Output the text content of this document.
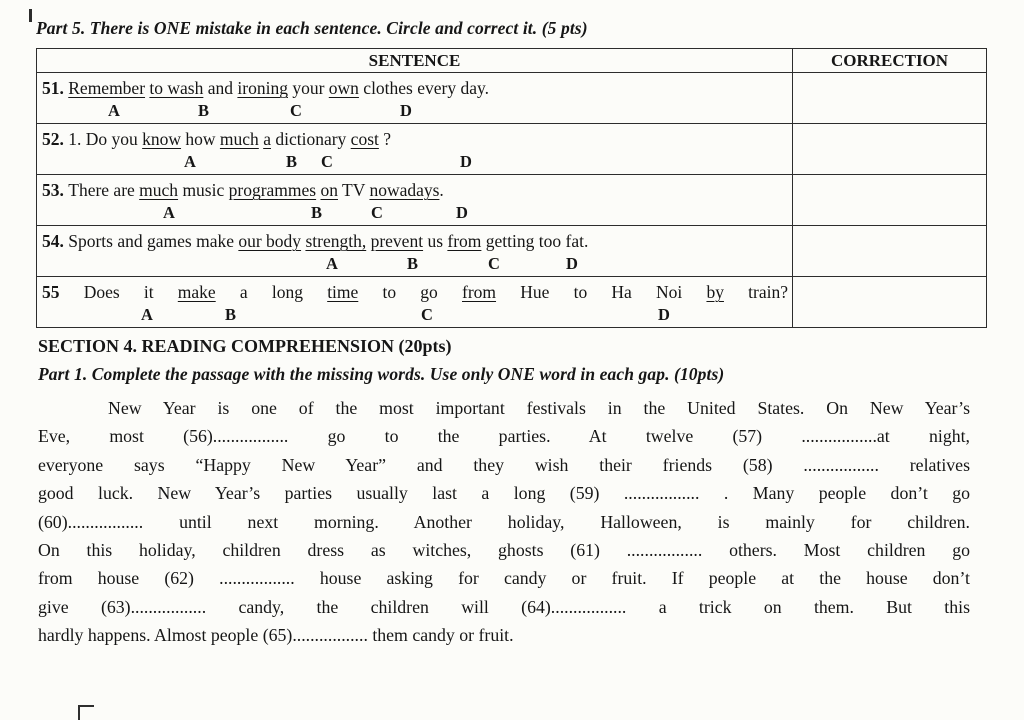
Part 5. There is ONE mistake in each sentence. Circle and correct it. (5 pts)
SENTENCE	CORRECTION

51. Remember to wash and ironing your own clothes every day.
A B C D	

52. 1. Do you know how much a dictionary cost ?
A B C D	

53. There are much music programmes on TV nowadays.
A B C D	

54. Sports and games make our body strength, prevent us from getting too fat.
A B C D	

55 Does it make a long time to go from Hue to Ha Noi by train?
A B C D	

SECTION 4. READING COMPREHENSION (20pts)
Part 1. Complete the passage with the missing words. Use only ONE word in each gap. (10pts)
New Year is one of the most important festivals in the United States. On New Year’s
Eve, most (56)................. go to the parties. At twelve (57) .................at night,
everyone says “Happy New Year” and they wish their friends (58) ................. relatives
good luck. New Year’s parties usually last a long (59) ................. . Many people don’t go
(60)................. until next morning. Another holiday, Halloween, is mainly for children.
On this holiday, children dress as witches, ghosts (61) ................. others. Most children go
from house (62) ................. house asking for candy or fruit. If people at the house don’t
give (63)................. candy, the children will (64)................. a trick on them. But this
hardly happens. Almost people (65)................. them candy or fruit.
